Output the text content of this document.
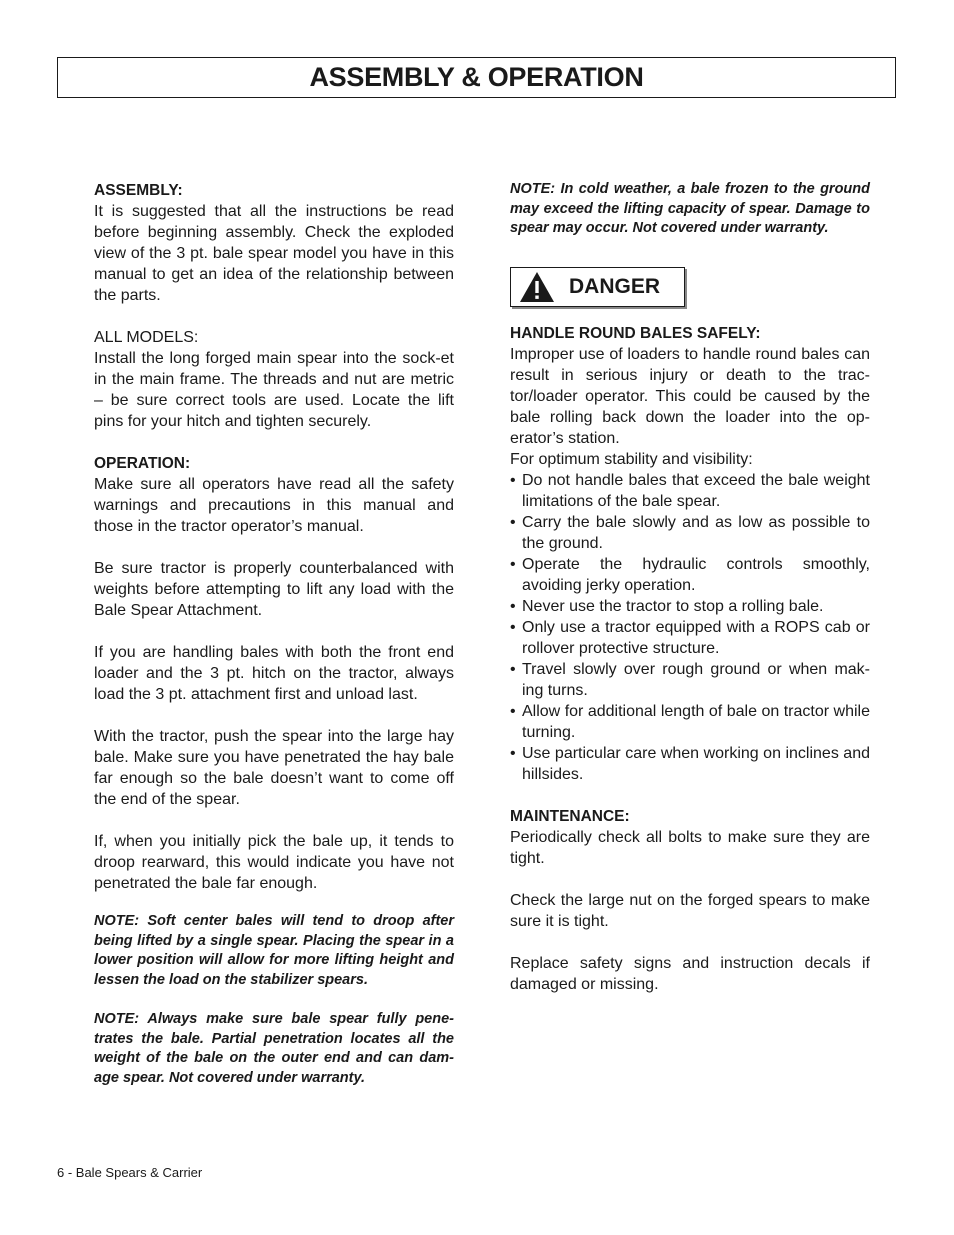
ASSEMBLY & OPERATION
ASSEMBLY:

It is suggested that all the instructions be read before beginning assembly. Check the exploded view of the 3 pt. bale spear model you have in this manual to get an idea of the relationship between the parts.

ALL MODELS:

Install the long forged main spear into the sock-et in the main frame. The threads and nut are metric – be sure correct tools are used. Locate the lift pins for your hitch and tighten securely.

OPERATION:

Make sure all operators have read all the safety warnings and precautions in this manual and those in the tractor operator’s manual.

Be sure tractor is properly counterbalanced with weights before attempting to lift any load with the Bale Spear Attachment.

If you are handling bales with both the front end loader and the 3 pt. hitch on the tractor, always load the 3 pt. attachment first and unload last.

With the tractor, push the spear into the large hay bale. Make sure you have penetrated the hay bale far enough so the bale doesn’t want to come off the end of the spear.

If, when you initially pick the bale up, it tends to droop rearward, this would indicate you have not penetrated the bale far enough.

NOTE: Soft center bales will tend to droop after being lifted by a single spear. Placing the spear in a lower position will allow for more lifting height and lessen the load on the stabilizer spears.

NOTE: Always make sure bale spear fully pene-trates the bale. Partial penetration locates all the weight of the bale on the outer end and can dam-age spear. Not covered under warranty.

NOTE: In cold weather, a bale frozen to the ground may exceed the lifting capacity of spear. Damage to spear may occur. Not covered under warranty.

DANGER
HANDLE ROUND BALES SAFELY:

Improper use of loaders to handle round bales can result in serious injury or death to the trac-tor/loader operator. This could be caused by the bale rolling back down the loader into the op-erator’s station.

For optimum stability and visibility:

• Do not handle bales that exceed the bale weight limitations of the bale spear.
• Carry the bale slowly and as low as possible to the ground.
• Operate the hydraulic controls smoothly, avoiding jerky operation.
• Never use the tractor to stop a rolling bale.
• Only use a tractor equipped with a ROPS cab or rollover protective structure.
• Travel slowly over rough ground or when mak-ing turns.
• Allow for additional length of bale on tractor while turning.
• Use particular care when working on inclines and hillsides.
MAINTENANCE:

Periodically check all bolts to make sure they are tight.

Check the large nut on the forged spears to make sure it is tight.

Replace safety signs and instruction decals if damaged or missing.

6 - Bale Spears & Carrier
